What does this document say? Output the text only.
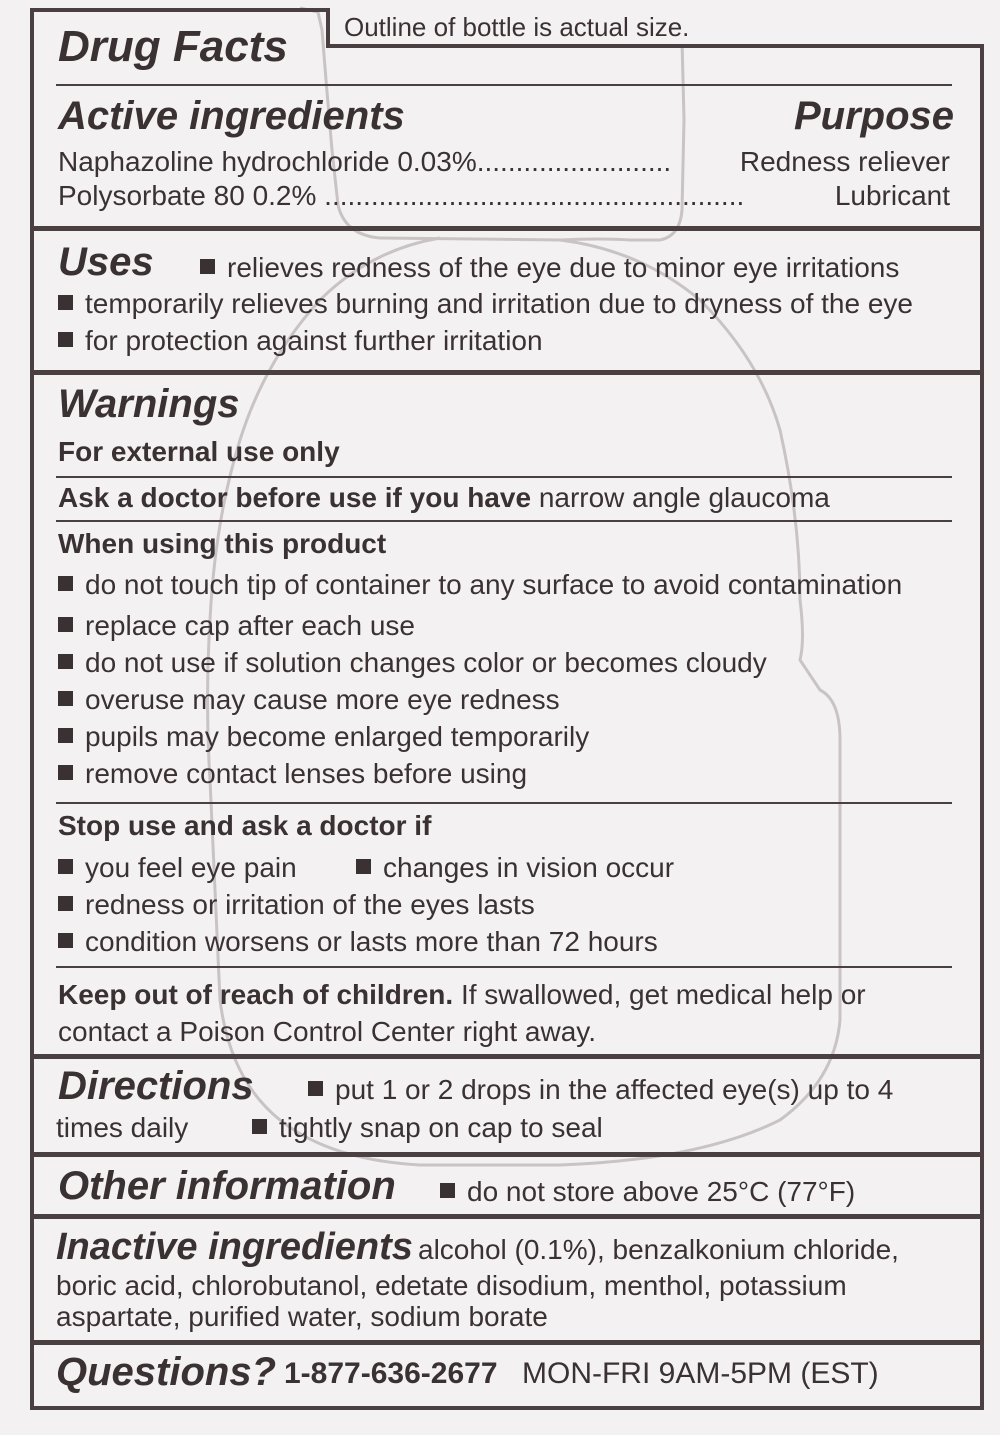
Outline of bottle is actual size.
Drug Facts
Active ingredients	Purpose
Naphazoline hydrochloride 0.03%......................... Redness reliever
Polysorbate 80 0.2% ......................................................	Lubricant
Uses	relieves redness of the eye due to minor eye irritations
temporarily relieves burning and irritation due to dryness of the eye
for protection against further irritation
Warnings
For external use only
Ask a doctor before use if you have narrow angle glaucoma
When using this product
do not touch tip of container to any surface to avoid contamination
replace cap after each use
do not use if solution changes color or becomes cloudy
overuse may cause more eye redness
pupils may become enlarged temporarily
remove contact lenses before using
Stop use and ask a doctor if
you feel eye pain	changes in vision occur
redness or irritation of the eyes lasts
condition worsens or lasts more than 72 hours
Keep out of reach of children. If swallowed, get medical help or
contact a Poison Control Center right away.
Directions	put 1 or 2 drops in the affected eye(s) up to 4
times daily	tightly snap on cap to seal
Other information	do not store above 25°C (77°F)
Inactive ingredients alcohol (0.1%), benzalkonium chloride,
boric acid, chlorobutanol, edetate disodium, menthol, potassium
aspartate, purified water, sodium borate
Questions? 1-877-636-2677 MON-FRI 9AM-5PM (EST)
